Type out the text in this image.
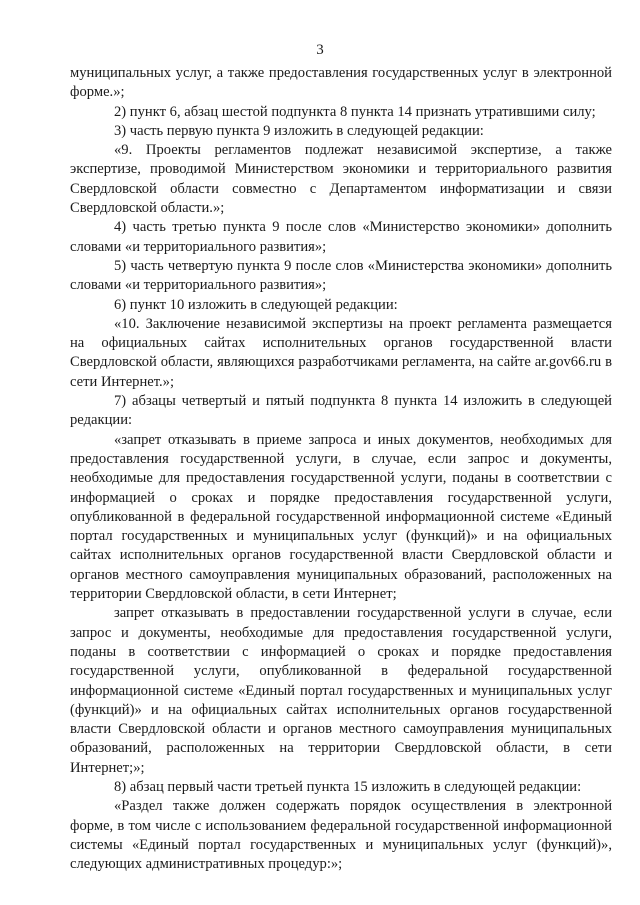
3

муниципальных услуг, а также предоставления государственных услуг в электронной форме.»;

2) пункт 6, абзац шестой подпункта 8 пункта 14 признать утратившими силу;

3) часть первую пункта 9 изложить в следующей редакции:

«9. Проекты регламентов подлежат независимой экспертизе, а также экспертизе, проводимой Министерством экономики и территориального развития Свердловской области совместно с Департаментом информатизации и связи Свердловской области.»;

4) часть третью пункта 9 после слов «Министерство экономики» дополнить словами «и территориального развития»;

5) часть четвертую пункта 9 после слов «Министерства экономики» дополнить словами «и территориального развития»;

6) пункт 10 изложить в следующей редакции:

«10. Заключение независимой экспертизы на проект регламента размещается на официальных сайтах исполнительных органов государственной власти Свердловской области, являющихся разработчиками регламента, на сайте ar.gov66.ru в сети Интернет.»;

7) абзацы четвертый и пятый подпункта 8 пункта 14 изложить в следующей редакции:

«запрет отказывать в приеме запроса и иных документов, необходимых для предоставления государственной услуги, в случае, если запрос и документы, необходимые для предоставления государственной услуги, поданы в соответствии с информацией о сроках и порядке предоставления государственной услуги, опубликованной в федеральной государственной информационной системе «Единый портал государственных и муниципальных услуг (функций)» и на официальных сайтах исполнительных органов государственной власти Свердловской области и органов местного самоуправления муниципальных образований, расположенных на территории Свердловской области, в сети Интернет;

запрет отказывать в предоставлении государственной услуги в случае, если запрос и документы, необходимые для предоставления государственной услуги, поданы в соответствии с информацией о сроках и порядке предоставления государственной услуги, опубликованной в федеральной государственной информационной системе «Единый портал государственных и муниципальных услуг (функций)» и на официальных сайтах исполнительных органов государственной власти Свердловской области и органов местного самоуправления муниципальных образований, расположенных на территории Свердловской области, в сети Интернет;»;

8) абзац первый части третьей пункта 15 изложить в следующей редакции:

«Раздел также должен содержать порядок осуществления в электронной форме, в том числе с использованием федеральной государственной информационной системы «Единый портал государственных и муниципальных услуг (функций)», следующих административных процедур:»;
